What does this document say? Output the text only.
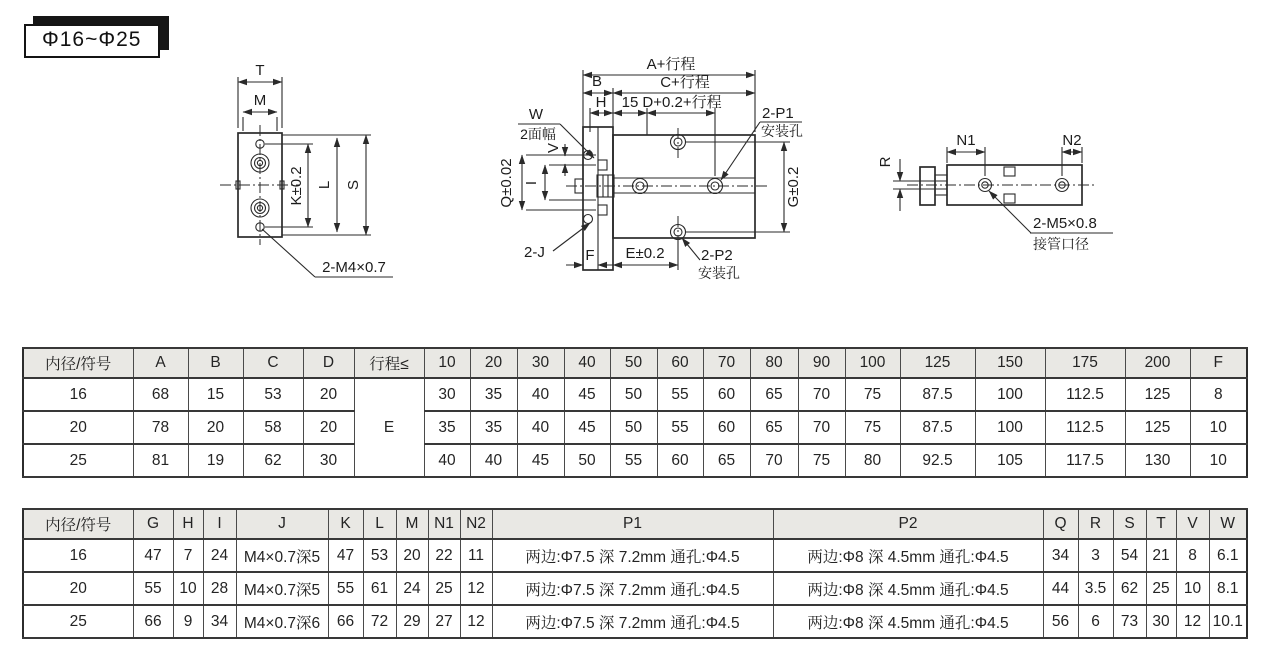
Φ16~Φ25
T
M
K±0.2 L S
2-M4×0.7
A+行程
B	C+行程
H 15 D+0.2+行程
2-P1
安装孔
W
2面幅
V
Q±0.02 I	G±0.2
2-J	F E±0.2 2-P2
安装孔
N1	N2
R
2-M5×0.8
接管口径
内径/符号	A	B	C	D	行程≤	10	20	30	40	50	60	70	80	90	100	125	150	175	200	F
16	68	15	53	20	E	30	35	40	45	50	55	60	65	70	75	87.5	100	112.5	125	8
20	78	20	58	20		35	35	40	45	50	55	60	65	70	75	87.5	100	112.5	125	10
25	81	19	62	30		40	40	45	50	55	60	65	70	75	80	92.5	105	117.5	130	10
内径/符号	G	H	I	J	K	L	M	N1	N2	P1	P2	Q	R	S	T	V	W
16	47	7	24	M4×0.7深5	47	53	20	22	11	两边:Φ7.5 深 7.2mm 通孔:Φ4.5	两边:Φ8 深 4.5mm 通孔:Φ4.5	34	3	54	21	8	6.1
20	55	10	28	M4×0.7深5	55	61	24	25	12	两边:Φ7.5 深 7.2mm 通孔:Φ4.5	两边:Φ8 深 4.5mm 通孔:Φ4.5	44	3.5	62	25	10	8.1
25	66	9	34	M4×0.7深6	66	72	29	27	12	两边:Φ7.5 深 7.2mm 通孔:Φ4.5	两边:Φ8 深 4.5mm 通孔:Φ4.5	56	6	73	30	12	10.1
